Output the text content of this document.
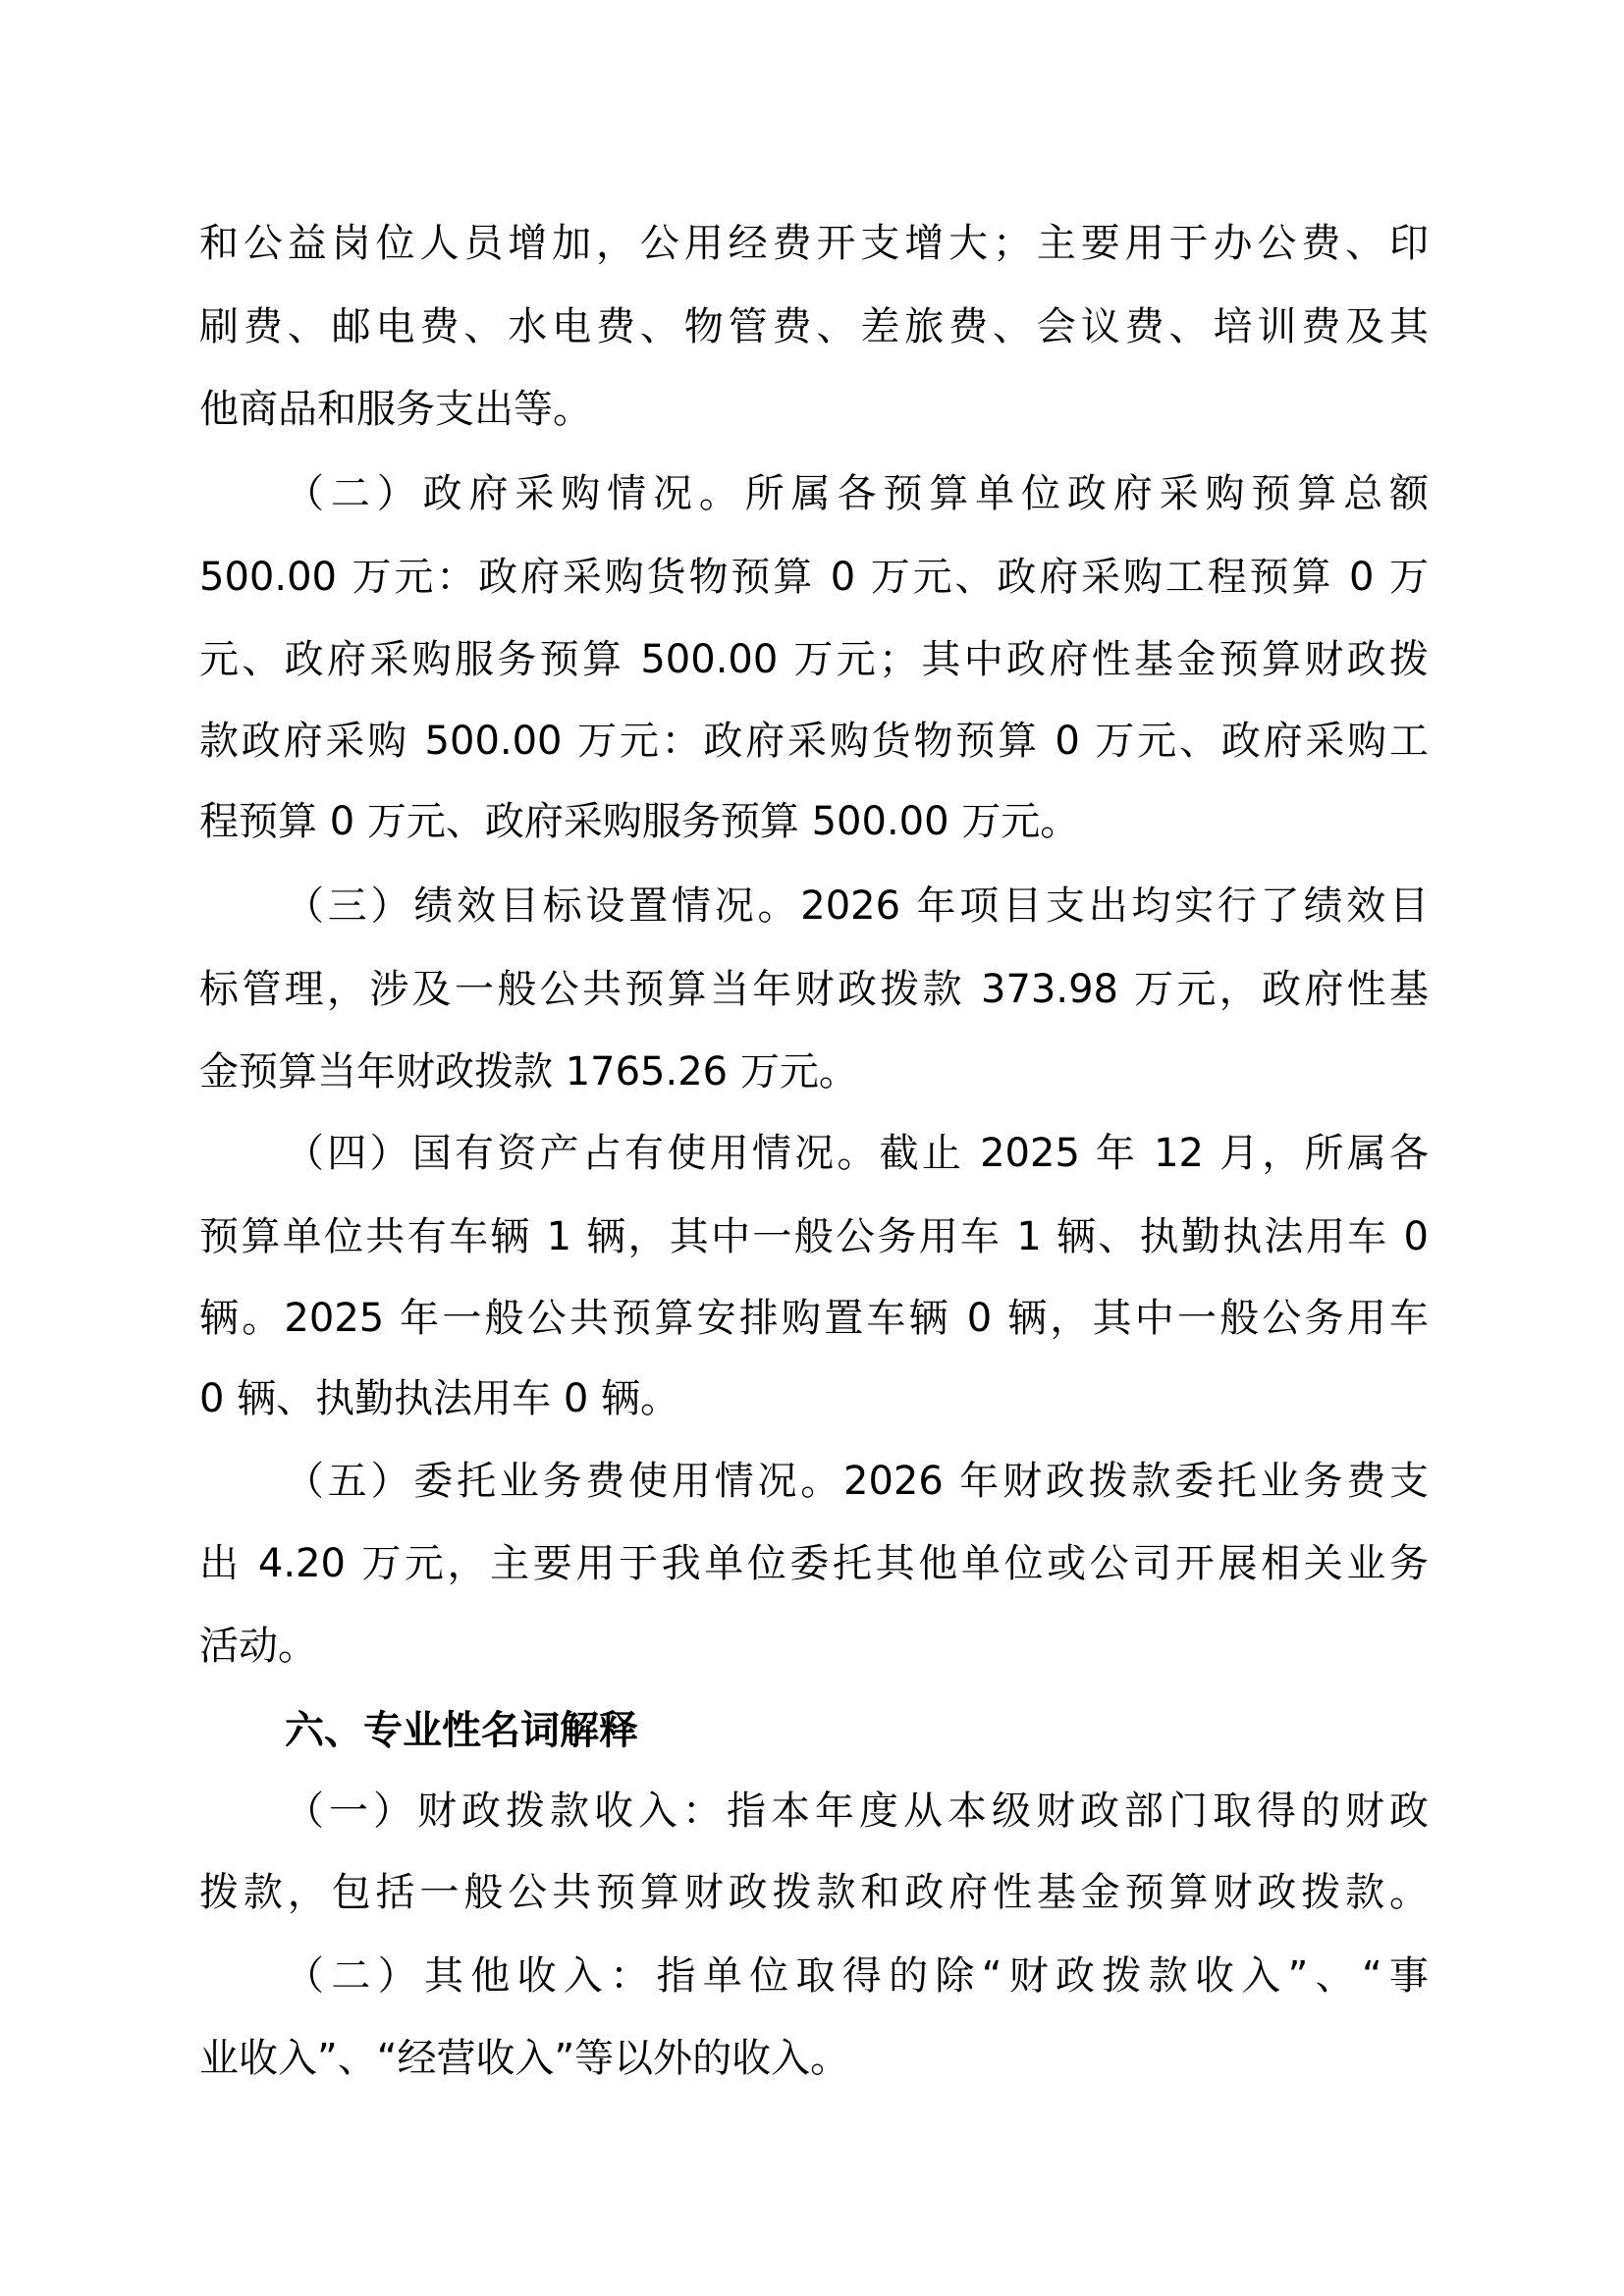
和公益岗位人员增加，公用经费开支增大；主要用于办公费、印
刷费、邮电费、水电费、物管费、差旅费、会议费、培训费及其
他商品和服务支出等。
（二）政府采购情况。所属各预算单位政府采购预算总额
500.00 万元：政府采购货物预算 0 万元、政府采购工程预算 0 万
元、政府采购服务预算 500.00 万元；其中政府性基金预算财政拨
款政府采购 500.00 万元：政府采购货物预算 0 万元、政府采购工
程预算 0 万元、政府采购服务预算 500.00 万元。
（三）绩效目标设置情况。2026 年项目支出均实行了绩效目
标管理，涉及一般公共预算当年财政拨款 373.98 万元，政府性基
金预算当年财政拨款 1765.26 万元。
（四）国有资产占有使用情况。截止 2025 年 12 月，所属各
预算单位共有车辆 1 辆，其中一般公务用车 1 辆、执勤执法用车 0
辆。2025 年一般公共预算安排购置车辆 0 辆，其中一般公务用车
0 辆、执勤执法用车 0 辆。
（五）委托业务费使用情况。2026 年财政拨款委托业务费支
出 4.20 万元，主要用于我单位委托其他单位或公司开展相关业务
活动。
六、专业性名词解释
（一）财政拨款收入：指本年度从本级财政部门取得的财政
拨款，包括一般公共预算财政拨款和政府性基金预算财政拨款。
（二）其他收入：指单位取得的除“财政拨款收入”、“事
业收入”、“经营收入”等以外的收入。
